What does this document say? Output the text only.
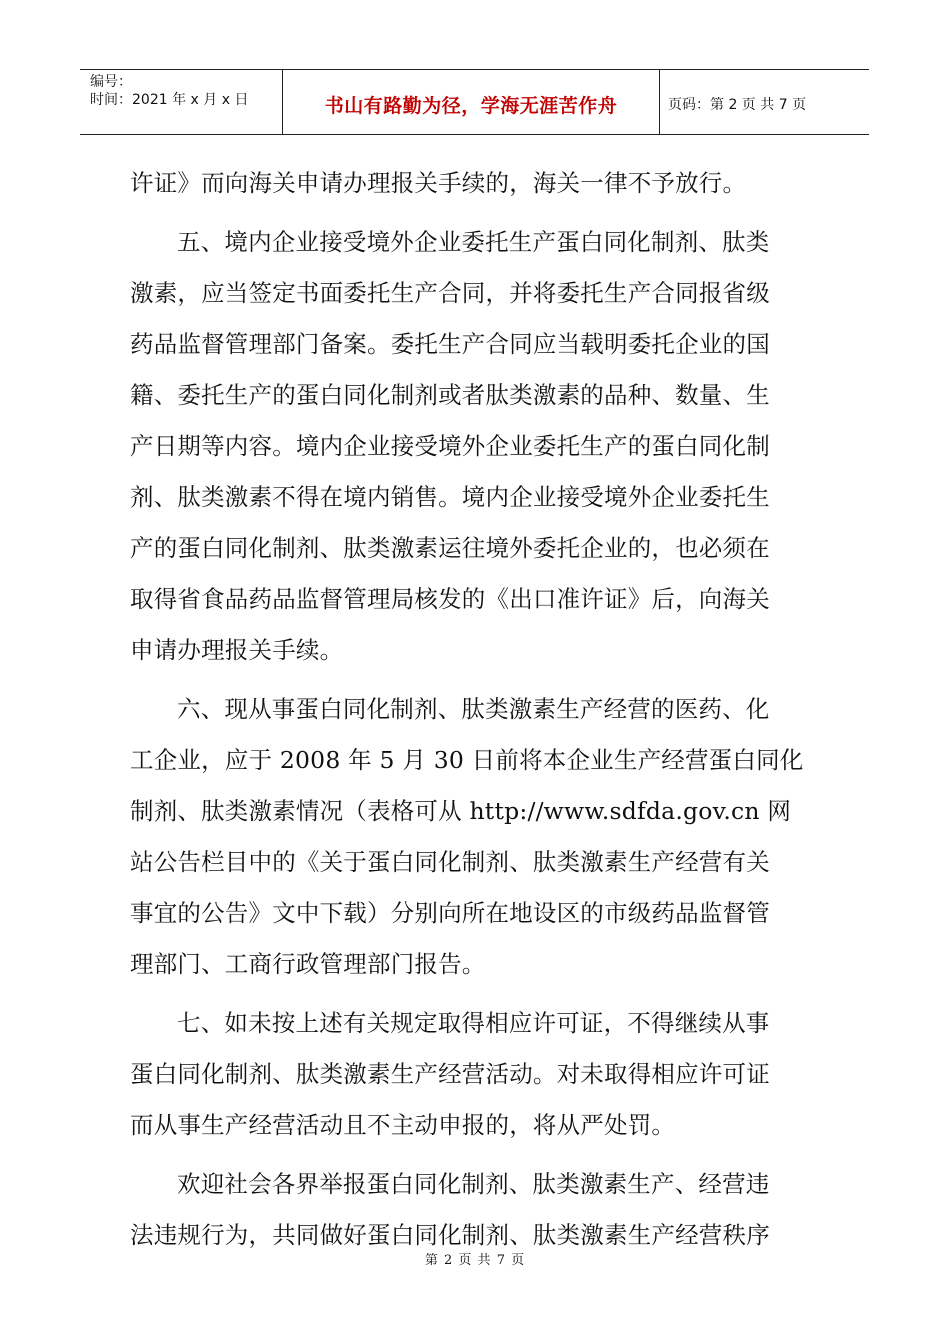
编号：
时间：2021 年 x 月 x 日	书山有路勤为径，学海无涯苦作舟	页码：第 2 页 共 7 页
许证》而向海关申请办理报关手续的，海关一律不予放行。
五、境内企业接受境外企业委托生产蛋白同化制剂、肽类
激素，应当签定书面委托生产合同，并将委托生产合同报省级
药品监督管理部门备案。委托生产合同应当载明委托企业的国
籍、委托生产的蛋白同化制剂或者肽类激素的品种、数量、生
产日期等内容。境内企业接受境外企业委托生产的蛋白同化制
剂、肽类激素不得在境内销售。境内企业接受境外企业委托生
产的蛋白同化制剂、肽类激素运往境外委托企业的，也必须在
取得省食品药品监督管理局核发的《出口准许证》后，向海关
申请办理报关手续。
六、现从事蛋白同化制剂、肽类激素生产经营的医药、化
工企业，应于 2008 年 5 月 30 日前将本企业生产经营蛋白同化
制剂、肽类激素情况（表格可从 http://www.sdfda.gov.cn 网
站公告栏目中的《关于蛋白同化制剂、肽类激素生产经营有关
事宜的公告》文中下载）分别向所在地设区的市级药品监督管
理部门、工商行政管理部门报告。
七、如未按上述有关规定取得相应许可证，不得继续从事
蛋白同化制剂、肽类激素生产经营活动。对未取得相应许可证
而从事生产经营活动且不主动申报的，将从严处罚。
欢迎社会各界举报蛋白同化制剂、肽类激素生产、经营违
法违规行为，共同做好蛋白同化制剂、肽类激素生产经营秩序
第 2 页 共 7 页
